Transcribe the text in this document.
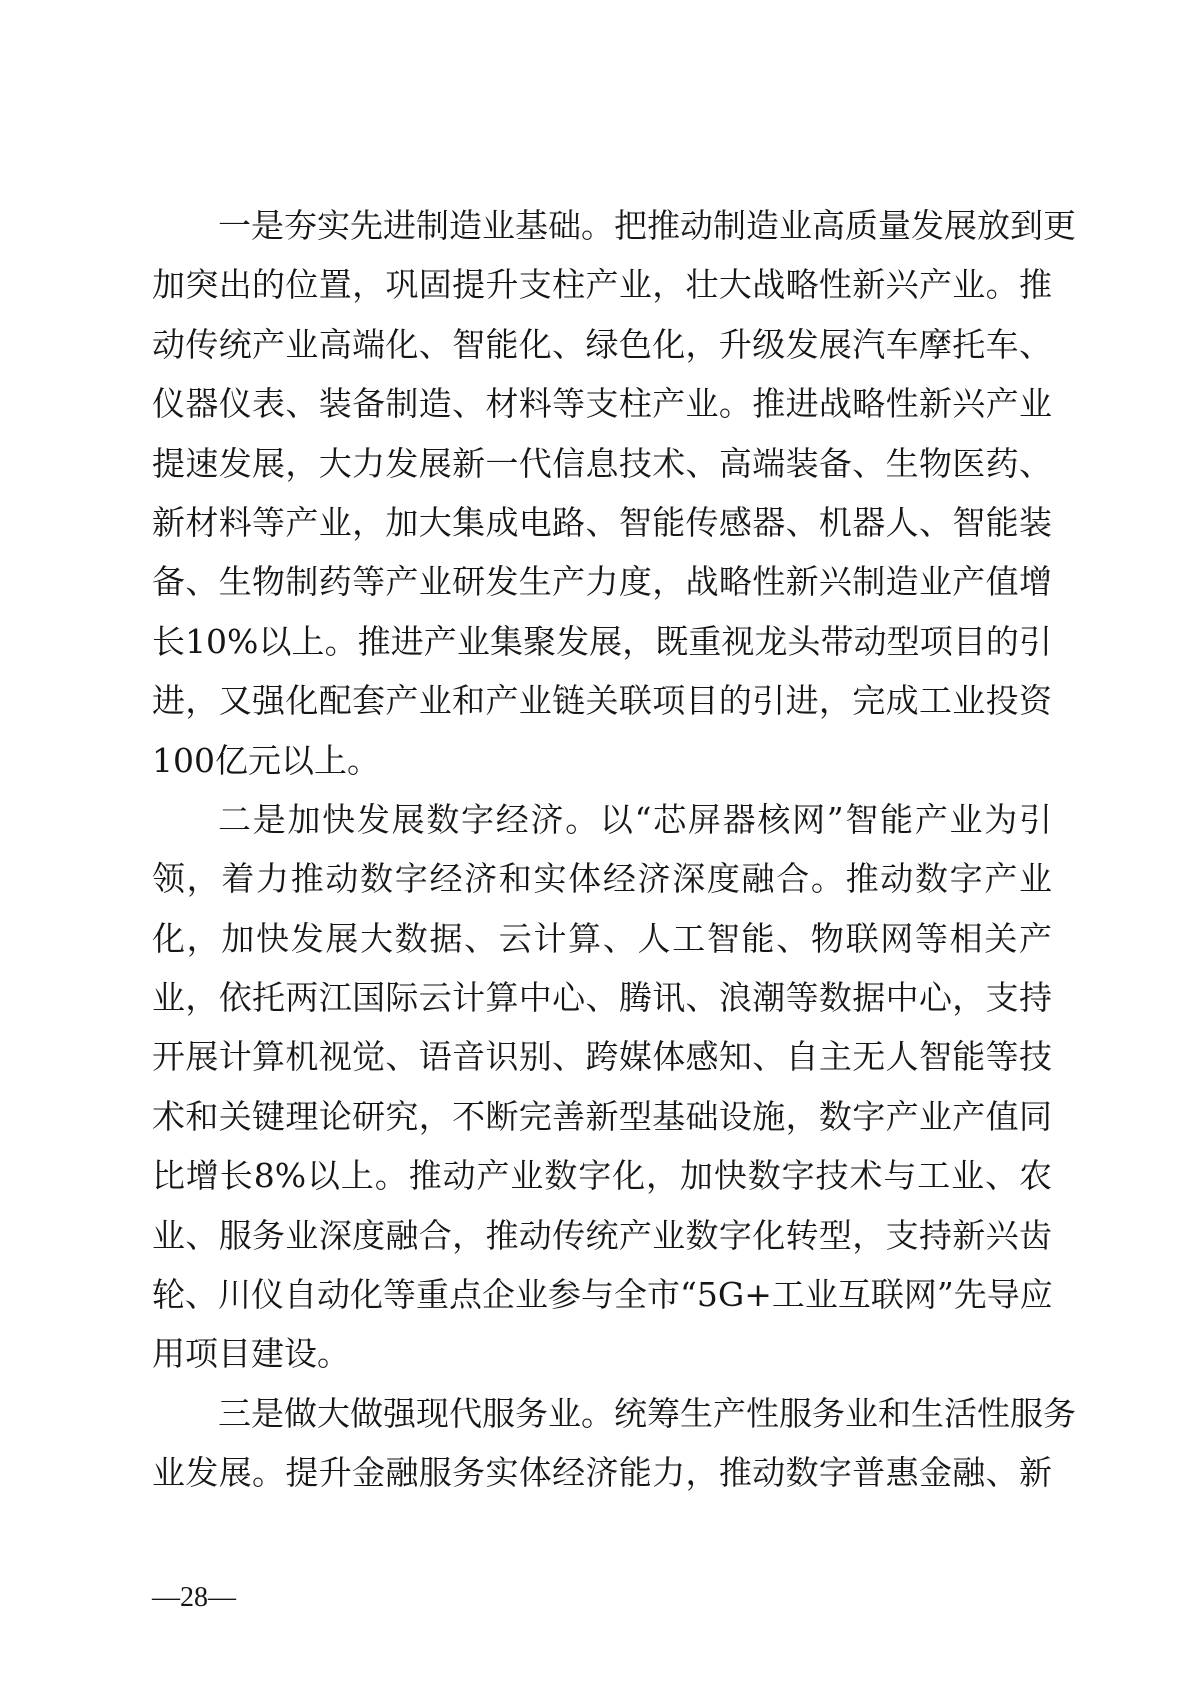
一是夯实先进制造业基础。把推动制造业高质量发展放到更
加突出的位置，巩固提升支柱产业，壮大战略性新兴产业。推
动传统产业高端化、智能化、绿色化，升级发展汽车摩托车、
仪器仪表、装备制造、材料等支柱产业。推进战略性新兴产业
提速发展，大力发展新一代信息技术、高端装备、生物医药、
新材料等产业，加大集成电路、智能传感器、机器人、智能装
备、生物制药等产业研发生产力度，战略性新兴制造业产值增
长10%以上。推进产业集聚发展，既重视龙头带动型项目的引
进，又强化配套产业和产业链关联项目的引进，完成工业投资
100亿元以上。
二是加快发展数字经济。以“芯屏器核网”智能产业为引
领，着力推动数字经济和实体经济深度融合。推动数字产业
化，加快发展大数据、云计算、人工智能、物联网等相关产
业，依托两江国际云计算中心、腾讯、浪潮等数据中心，支持
开展计算机视觉、语音识别、跨媒体感知、自主无人智能等技
术和关键理论研究，不断完善新型基础设施，数字产业产值同
比增长8%以上。推动产业数字化，加快数字技术与工业、农
业、服务业深度融合，推动传统产业数字化转型，支持新兴齿
轮、川仪自动化等重点企业参与全市“5G+工业互联网”先导应
用项目建设。
三是做大做强现代服务业。统筹生产性服务业和生活性服务
业发展。提升金融服务实体经济能力，推动数字普惠金融、新
—28—
